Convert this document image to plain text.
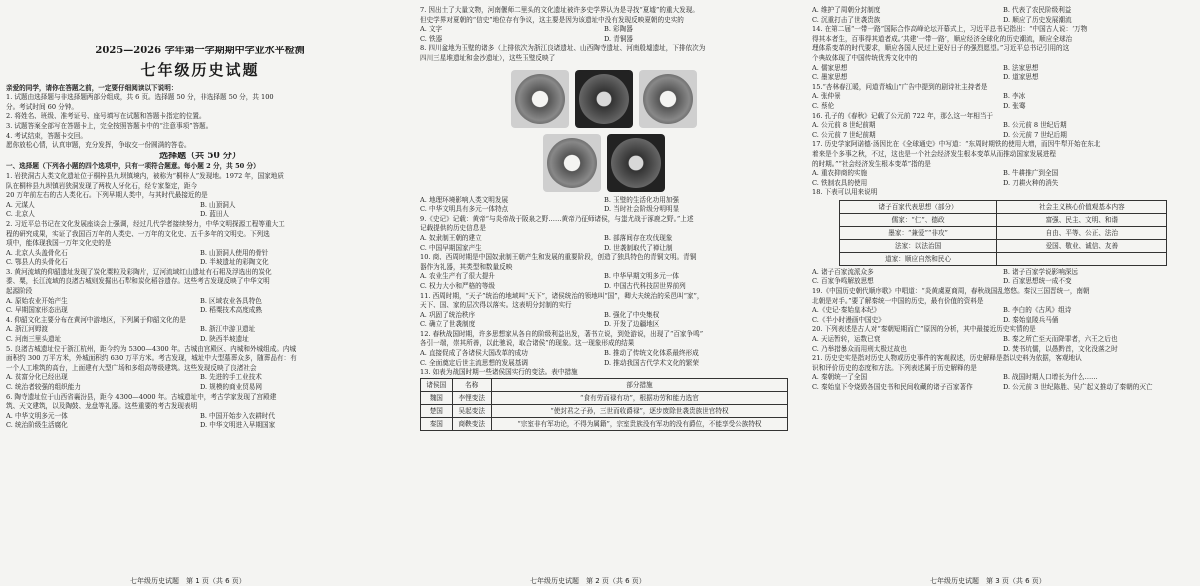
2025—2026 学年第一学期期中学业水平检测

七年级历史试题

亲爱的同学，请你在答题之前，一定要仔细阅读以下说明：

1. 试题由选择题与非选择题两部分组成，共 6 页。选择题 50 分，非选择题 50 分，共 100

分。考试时间 60 分钟。

2. 将姓名、班级、准考证号、座号填写在试题和答题卡指定的位置。

3. 试题答案全部写在答题卡上，完全按照答题卡中的“注意事项”答题。

4. 考试结束，答题卡交回。

愿你放松心情，认真审题，充分发挥，争取交一份圆满的答卷。

选择题（共 50 分）

一、选择题（下列各小题的四个选项中，只有一项符合题意。每小题 2 分，共 50 分）

1. 岩狭洞古人类文化遗址位于桐梓县九坝镇境内，被称为“桐梓人”发现地。1972 年，国家地质

队在桐梓县九坝镇岩狭洞发现了两枚人牙化石，经专家鉴定，距今

20 万年前左右的古人类化石。下列早期人类中，与其时代最接近的是

A. 元谋人	B. 山顶洞人
C. 北京人	D. 蓝田人

2. 习近平总书记在文化发展座谈会上强调，经过几代学者接续努力，中华文明探源工程等重大工

程的研究成果，实证了我国百万年的人类史、一万年的文化史、五千多年的文明史。下列选

项中，能体现我国一万年文化史的是

A. 北京人头盖骨化石	B. 山顶洞人使用的骨针
C. 鄂县人的头骨化石	D. 半坡遗址的彩陶文化

3. 黄河流域的仰韶遗址发现了炭化粟粒及彩陶片，辽河流域红山遗址有石耜及浮选出的炭化

黍、粟，长江流域的良渚古城则发掘出石犁和炭化稻谷遗存。这些考古发现反映了中华文明

起源阶段

A. 原始农业开始产生	B. 区域农业各具特色
C. 早期国家形态出现	D. 稻粟技术高度成熟

4. 仰韶文化主要分布在黄河中游地区，下列属于仰韶文化的是

A. 浙江河姆渡	B. 浙江中游卫遗址
C. 河南三里头遗址	D. 陕西半坡遗址

5. 良渚古城遗址位于浙江杭州，距今约为 5300—4300 年。古城由宫殿区、内城和外城组成。内城

面积约 300 万平方米，外城面积约 630 万平方米。考古发现，城址中大型墓葬众多，随葬品有：有

一个人工堆筑的高台，上面建有大型广场和多组高等级建筑。这些发现反映了良渚社会

A. 贫富分化已经出现	B. 先进的手工业技术
C. 统治者较强的组织能力	D. 规模的商业贸易网

6. 陶寺遗址位于山西省襄汾县，距今 4300—4000 年。古城遗址中，考古学家发现了宫殿建

筑、天文建筑，以及陶鼓、龙盘等礼器。这些重要的考古发现表明

A. 中华文明多元一体	B. 中国开始步入农耕时代
C. 统治阶级生活腐化	D. 中华文明进入早期国家

7. 因出土了大量文物，河南偃师二里头的文化遗址被许多史学界认为是寻找“夏墟”的重大发现。

但史学界对夏朝的“信史”地位存有争议，这主要是因为该遗址中没有发现反映夏朝的史实的

A. 文字	B. 彩陶器
C. 铁器	D. 青铜器

8. 四川盆地为玉壁的诸多（上排依次为浙江良诸遗址、山西陶寺遗址、河南殷墟遗址，下排依次为

四川三星堆遗址和金沙遗址），这些玉璧反映了

A. 地理环境影响人类文明发展	B. 玉璧的生活化功用加强
C. 中华文明具有多元一体特点	D. 当时社会阶级分明明显

9.《史记》记载：黄帝“与炎帝战于阪泉之野……黄帝乃征师诸侯，与蚩尤战于涿鹿之野。”上述

记载提供的历史信息是

A. 奴隶制王朝的建立	B. 部落间存在攻伐现象
C. 中国早期国家产生	D. 世袭制取代了禅让制

10. 商、西周时期是中国奴隶制王朝产生和发展的重要阶段，创造了独具特色的青铜文明。青铜

器作为礼器，其类型和数量反映

A. 农业生产有了很大提升	B. 中华早期文明多元一体
C. 权力大小和严格的等级	D. 中国古代科技居世界前列

11. 西周时期，“天子”统治的地域叫“天下”，诸侯统治的领地叫“国”，卿大夫统治的采邑叫“家”，

天下、国、家的层次得以落实。这表明分封制的实行

A. 巩固了统治秩序	B. 强化了中央集权
C. 确立了世袭制度	D. 开发了边疆地区

12. 春秋战国时期，许多思想家从各自的阶级利益出发，著书立说，到处游说，出现了“百家争鸣”

各引一端，崇其所善，以此驰说，取合诸侯”的现象。这一现象形成的结果

A. 直接促成了各诸侯大国改革的成功	B. 推动了传统文化体系最终形成
C. 全面奠定后世主流思想的发展基调	D. 推动我国古代学术文化的繁荣

13. 如表为战国时期一些诸侯国实行的变法。表中措施

诸侯国	名称	部分措施
魏国	李悝变法	“食有劳而禄有功”，根据功劳和能力选官
楚国	吴起变法	“使封君之子孙，三世而收爵禄”，逐步废除世袭贵族世官特权
秦国	商鞅变法	“宗室非有军功论，不得为属籍”，宗室贵族没有军功的没有爵位，不能享受公族特权
A. 维护了周朝分封制度	B. 代表了农民阶级利益
C. 沉重打击了世袭贵族	D. 顺应了历史发展潮流

14. 在第二届“一带一路”国际合作高峰论坛开幕式上，习近平总书记指出：“中国古人说：‘万物

得其本者生，百事得其道者成。’共建‘一带一路’，顺应经济全球化的历史潮流，顺应全球治

理体系变革的时代要求，顺应各国人民过上更好日子的强烈愿望。”习近平总书记引用的这

个典故体现了中国传统优秀文化中的

A. 儒家思想	B. 法家思想
C. 墨家思想	D. 道家思想

15.“杏林春江暖，问道青城山”广告中提到的剧诗社主持者是

A. 张仲景	B. 李冰
C. 蔡伦	D. 张骞

16. 孔子的《春秋》记载了公元前 722 年，那么这一年相当于

A. 公元前 8 世纪前期	B. 公元前 8 世纪后期
C. 公元前 7 世纪前期	D. 公元前 7 世纪后期

17. 历史学家阿诺德·汤因比在《全球通史》中写道：“东周时期铁的使用大增，而因牛犁开始在东北

着来是个多事之秋，不过，这也是一个社会经济发生根本变革从而推动国家发展进程

的时期。”“社会经济发生根本变革”指的是

A. 重农抑商的实施	B. 牛耕推广到全国
C. 铁制农具的使用	D. 刀耕火种的消失

18. 下表可以用来说明

诸子百家代表思想（部分）	社会主义核心价值观基本内容
儒家：“仁”、德政	富强、民主、文明、和谐
墨家：“兼爱”“非攻”	自由、平等、公正、法治
法家：以法治国	爱国、敬业、诚信、友善
道家：顺应自然和民心	
A. 诸子百家流派众多	B. 诸子百家学说影响深远
C. 百家争鸣解放思想	D. 百家思想统一成不变

19.《中国历史朝代顺序歌》中唱道：“炎黄虞夏商周，春秋战国乱悠悠。秦汉三国晋统一，南朝

北朝是对手。”要了解秦统一中国的历史，最有价值的资料是

A.《史记·秦始皇本纪》	B. 李白的《古风》组诗
C.《半小时漫画中国史》	D. 秦始皇陵兵马俑

20. 下列表述是古人对“秦朝短期而亡”原因的分析，其中最接近历史实情的是

A. 天运暂转，运数已衰	B. 秦之所亡至天而降罪者，六王之后也
C. 乃举措暴众而用刑太极过故也	D. 焚书坑儒，以愚黔首，文化没落之时

21. 历史史实是指对历史人物或历史事件的客观叙述，历史解释是指以史料为依据，客观地认

识和评价历史的态度和方法。下列表述属于历史解释的是

A. 秦朝统一了全国	B. 战国时期人口增长为什么……
C. 秦始皇下令烧毁各国史书和民间收藏的诸子百家著作	D. 公元前 3 世纪陈胜、吴广起义推动了秦朝的灭亡
七年级历史试题　第 1 页（共 6 页）	七年级历史试题　第 2 页（共 6 页）	七年级历史试题　第 3 页（共 6 页）
